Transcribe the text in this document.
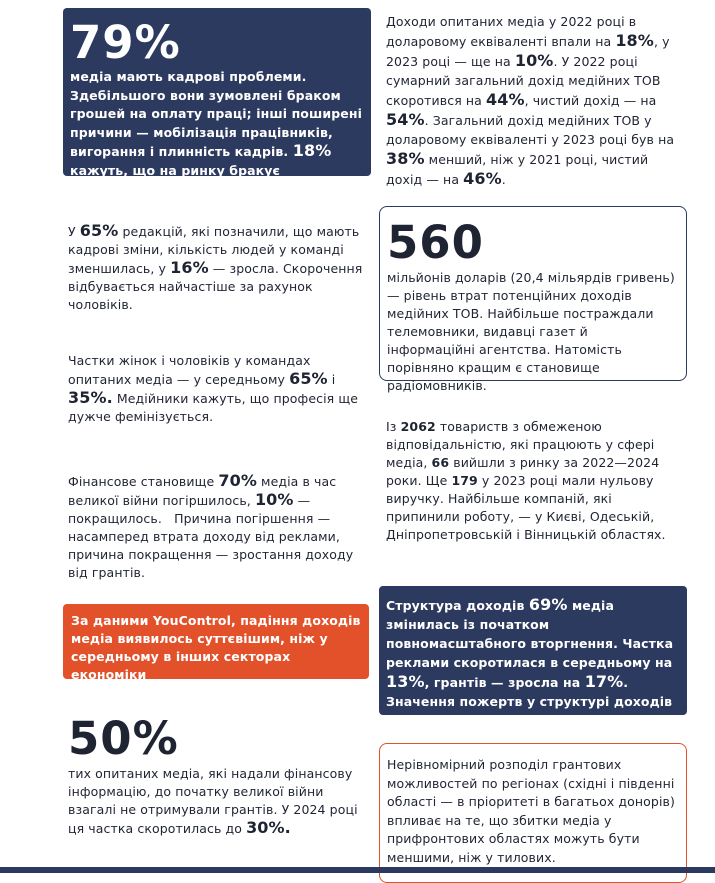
79%
медіа мають кадрові проблеми. Здебільшого вони зумовлені браком грошей на оплату праці; інші поширені причини — мобілізація працівників, вигорання і плинність кадрів. 18% кажуть, що на ринку бракує кваліфікованих людей.
Доходи опитаних медіа у 2022 році в доларовому еквіваленті впали на 18%, у 2023 році — ще на 10%. У 2022 році сумарний загальний дохід медійних ТОВ скоротився на 44%, чистий дохід — на 54%. Загальний дохід медійних ТОВ у доларовому еквіваленті у 2023 році був на 38% менший, ніж у 2021 році, чистий дохід — на 46%.
560
мільйонів доларів (20,4 мільярдів гривень) — рівень втрат потенційних доходів медійних ТОВ. Найбільше постраждали телемовники, видавці газет й інформаційні агентства. Натомість порівняно кращим є становище радіомовників.
У 65% редакцій, які позначили, що мають кадрові зміни, кількість людей у команді зменшилась, у 16% — зросла. Скорочення відбувається найчастіше за рахунок чоловіків.
Частки жінок і чоловіків у командах опитаних медіа — у середньому 65% і 35%. Медійники кажуть, що професія ще дужче фемінізується.
Із 2062 товариств з обмеженою відповідальністю, які працюють у сфері медіа, 66 вийшли з ринку за 2022—2024 роки. Ще 179 у 2023 році мали нульову виручку. Найбільше компаній, які припинили роботу, — у Києві, Одеській, Дніпропетровській і Вінницькій областях.
Фінансове становище 70% медіа в час великої війни погіршилось, 10% — покращилось.   Причина погіршення — насамперед втрата доходу від реклами, причина покращення — зростання доходу від грантів.
За даними YouControl, падіння доходів медіа виявилось суттєвішим, ніж у середньому в інших секторах економіки
Структура доходів 69% медіа змінилась із початком повномасштабного вторгнення. Частка реклами скоротилася в середньому на 13%, грантів — зросла на 17%. Значення пожертв у структурі доходів майже не змінилося.
50%
тих опитаних медіа, які надали фінансову інформацію, до початку великої війни взагалі не отримували грантів. У 2024 році ця частка скоротилась до 30%.
Нерівномірний розподіл грантових можливостей по регіонах (східні і південні області — в пріоритеті в багатьох донорів) впливає на те, що збитки медіа у прифронтових областях можуть бути меншими, ніж у тилових.
